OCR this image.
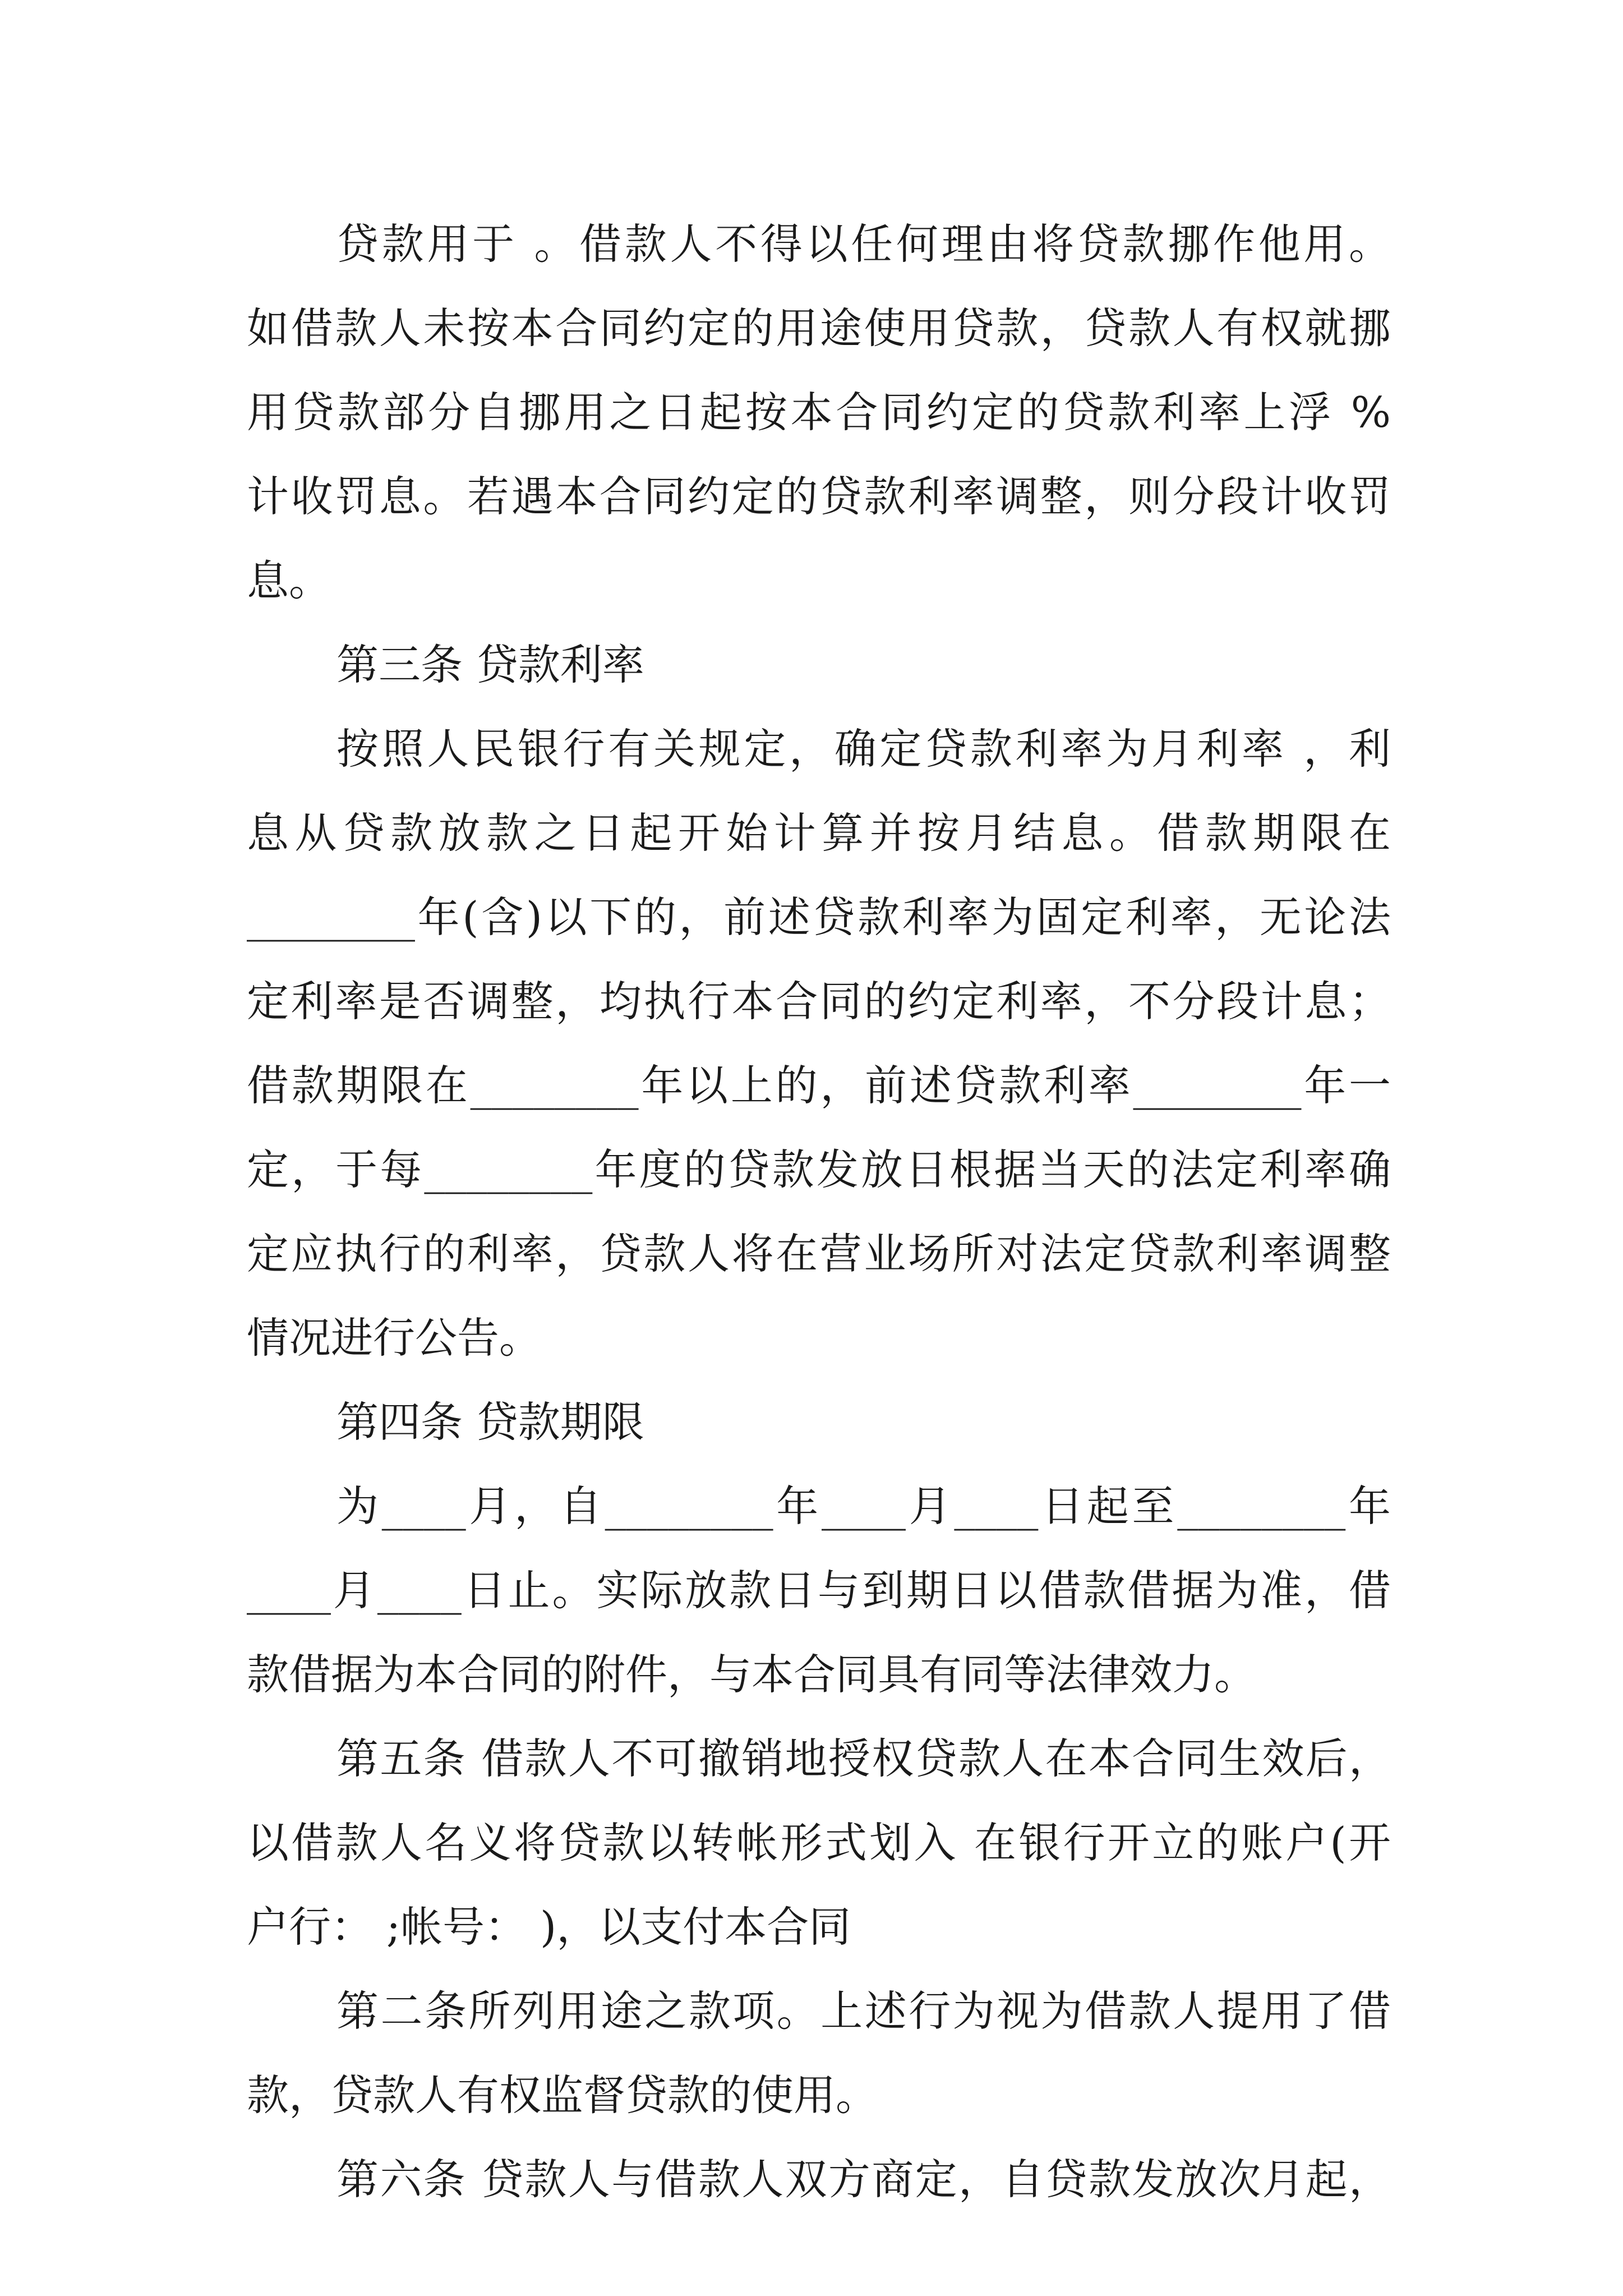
贷款用于 。借款人不得以任何理由将贷款挪作他用。
如借款人未按本合同约定的用途使用贷款，贷款人有权就挪
用贷款部分自挪用之日起按本合同约定的贷款利率上浮 %
计收罚息。若遇本合同约定的贷款利率调整，则分段计收罚
息。
第三条 贷款利率
按照人民银行有关规定，确定贷款利率为月利率 ，利
息从贷款放款之日起开始计算并按月结息。借款期限在
________年(含)以下的，前述贷款利率为固定利率，无论法
定利率是否调整，均执行本合同的约定利率，不分段计息；
借款期限在________年以上的，前述贷款利率________年一
定，于每________年度的贷款发放日根据当天的法定利率确
定应执行的利率，贷款人将在营业场所对法定贷款利率调整
情况进行公告。
第四条 贷款期限
为____月，自________年____月____日起至________年
____月____日止。实际放款日与到期日以借款借据为准，借
款借据为本合同的附件，与本合同具有同等法律效力。
第五条 借款人不可撤销地授权贷款人在本合同生效后，
以借款人名义将贷款以转帐形式划入 在银行开立的账户(开
户行： ;帐号： )，以支付本合同
第二条所列用途之款项。上述行为视为借款人提用了借
款，贷款人有权监督贷款的使用。
第六条 贷款人与借款人双方商定，自贷款发放次月起，
